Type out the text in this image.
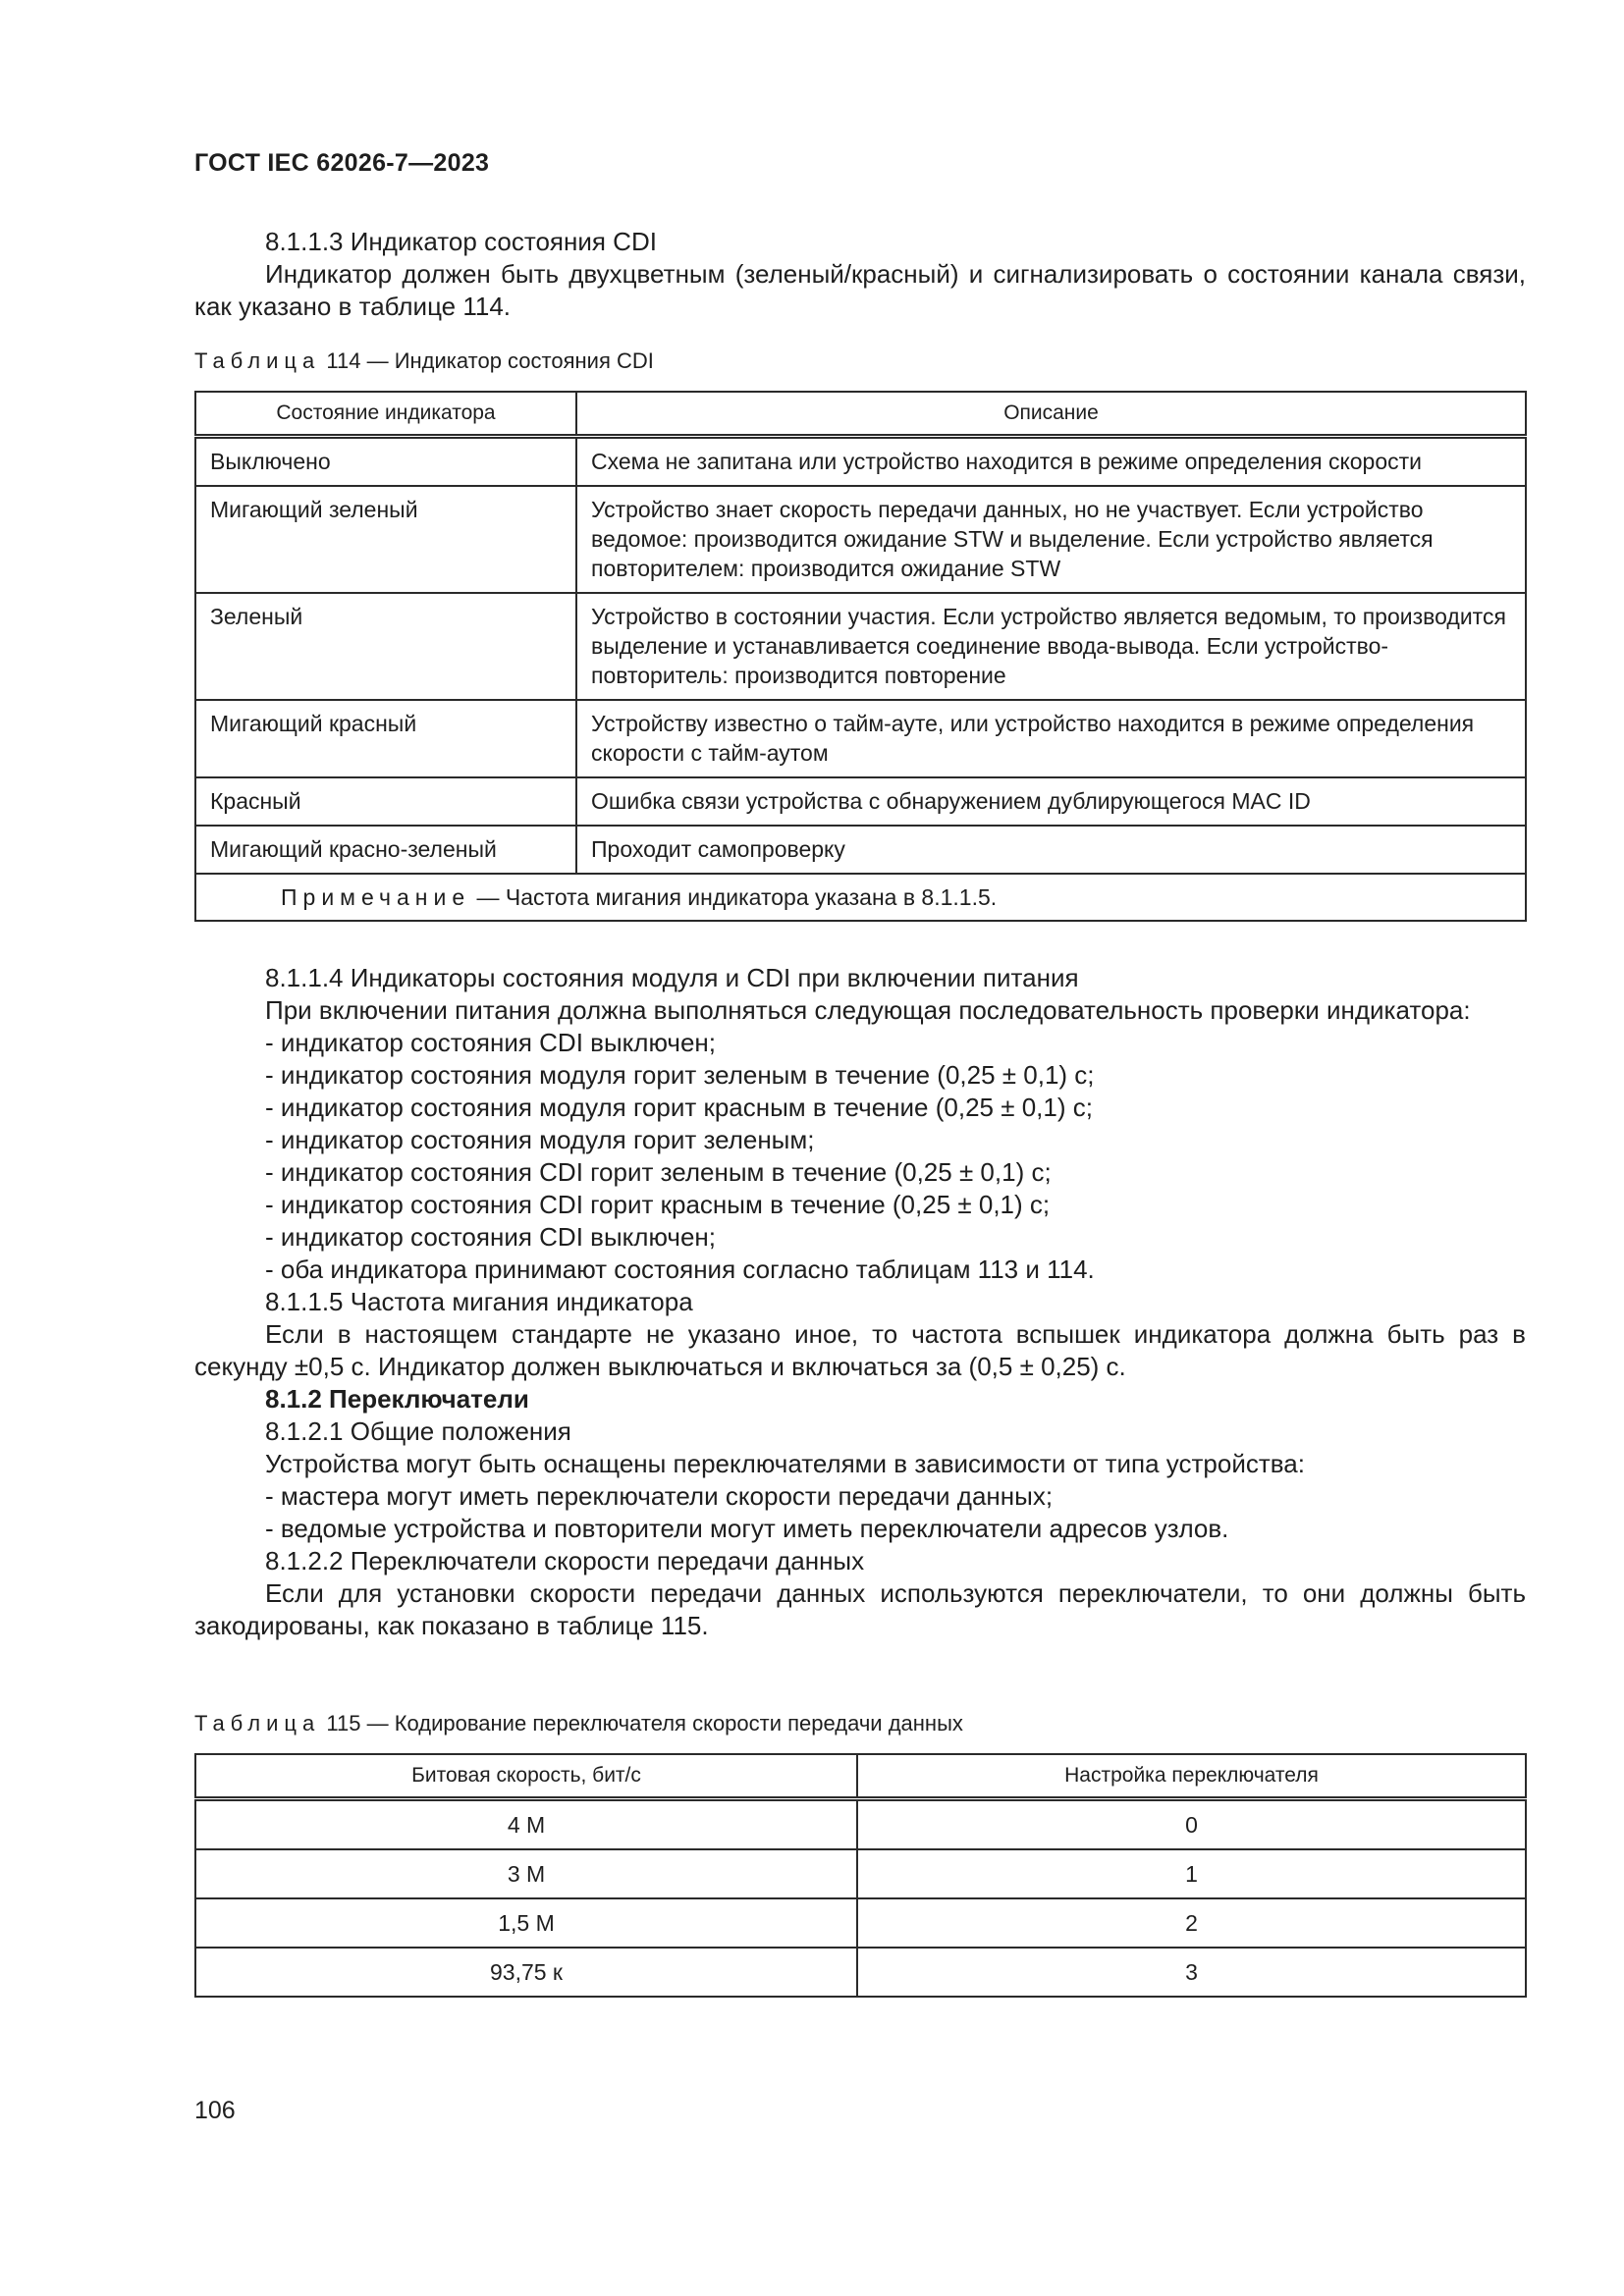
ГОСТ IEC 62026-7—2023

8.1.1.3 Индикатор состояния CDI

Индикатор должен быть двухцветным (зеленый/красный) и сигнализировать о состоянии канала связи, как указано в таблице 114.

Таблица 114 — Индикатор состояния CDI
Состояние индикатора	Описание
Выключено	Схема не запитана или устройство находится в режиме определения скорости
Мигающий зеленый	Устройство знает скорость передачи данных, но не участвует. Если устройство ведомое: производится ожидание STW и выделение. Если устройство является повторителем: производится ожидание STW
Зеленый	Устройство в состоянии участия. Если устройство является ведомым, то производится выделение и устанавливается соединение ввода-вывода. Если устройство-повторитель: производится повторение
Мигающий красный	Устройству известно о тайм-ауте, или устройство находится в режиме определения скорости с тайм-аутом
Красный	Ошибка связи устройства с обнаружением дублирующегося MAC ID
Мигающий красно-зеленый	Проходит самопроверку
Примечание — Частота мигания индикатора указана в 8.1.1.5.	

8.1.1.4 Индикаторы состояния модуля и CDI при включении питания

При включении питания должна выполняться следующая последовательность проверки индикатора:

- индикатор состояния CDI выключен;
- индикатор состояния модуля горит зеленым в течение (0,25 ± 0,1) с;
- индикатор состояния модуля горит красным в течение (0,25 ± 0,1) с;
- индикатор состояния модуля горит зеленым;
- индикатор состояния CDI горит зеленым в течение (0,25 ± 0,1) с;
- индикатор состояния CDI горит красным в течение (0,25 ± 0,1) с;
- индикатор состояния CDI выключен;
- оба индикатора принимают состояния согласно таблицам 113 и 114.

8.1.1.5 Частота мигания индикатора

Если в настоящем стандарте не указано иное, то частота вспышек индикатора должна быть раз в секунду ±0,5 с. Индикатор должен выключаться и включаться за (0,5 ± 0,25) с.

8.1.2 Переключатели

8.1.2.1 Общие положения

Устройства могут быть оснащены переключателями в зависимости от типа устройства:

- мастера могут иметь переключатели скорости передачи данных;
- ведомые устройства и повторители могут иметь переключатели адресов узлов.

8.1.2.2 Переключатели скорости передачи данных

Если для установки скорости передачи данных используются переключатели, то они должны быть закодированы, как показано в таблице 115.

Таблица 115 — Кодирование переключателя скорости передачи данных
Битовая скорость, бит/с	Настройка переключателя
4 М	0
3 М	1
1,5 М	2
93,75 к	3
106
